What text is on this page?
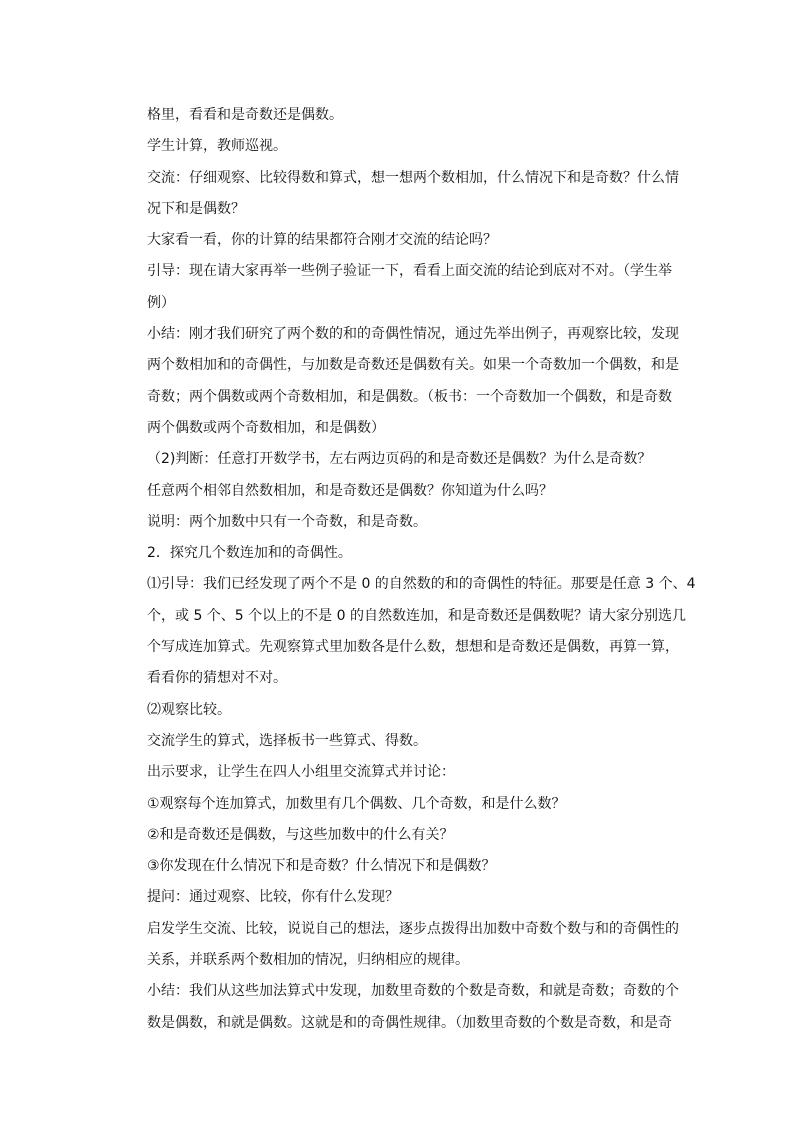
格里，看看和是奇数还是偶数。
学生计算，教师巡视。
交流：仔细观察、比较得数和算式，想一想两个数相加，什么情况下和是奇数？什么情
况下和是偶数？
大家看一看，你的计算的结果都符合刚才交流的结论吗？
引导：现在请大家再举一些例子验证一下，看看上面交流的结论到底对不对。（学生举
例）
小结：刚才我们研究了两个数的和的奇偶性情况，通过先举出例子，再观察比较，发现
两个数相加和的奇偶性，与加数是奇数还是偶数有关。如果一个奇数加一个偶数，和是
奇数；两个偶数或两个奇数相加，和是偶数。（板书：一个奇数加一个偶数，和是奇数
两个偶数或两个奇数相加，和是偶数）
（2)判断：任意打开数学书，左右两边页码的和是奇数还是偶数？为什么是奇数？
任意两个相邻自然数相加，和是奇数还是偶数？你知道为什么吗？
说明：两个加数中只有一个奇数，和是奇数。
2．探究几个数连加和的奇偶性。
⑴引导：我们已经发现了两个不是 0 的自然数的和的奇偶性的特征。那要是任意 3 个、4
个，或 5 个、5 个以上的不是 0 的自然数连加，和是奇数还是偶数呢？请大家分别选几
个写成连加算式。先观察算式里加数各是什么数，想想和是奇数还是偶数，再算一算，
看看你的猜想对不对。
⑵观察比较。
交流学生的算式，选择板书一些算式、得数。
出示要求，让学生在四人小组里交流算式并讨论：
①观察每个连加算式，加数里有几个偶数、几个奇数，和是什么数？
②和是奇数还是偶数，与这些加数中的什么有关？
③你发现在什么情况下和是奇数？什么情况下和是偶数？
提问：通过观察、比较，你有什么发现？
启发学生交流、比较，说说自己的想法，逐步点拨得出加数中奇数个数与和的奇偶性的
关系，并联系两个数相加的情况，归纳相应的规律。
小结：我们从这些加法算式中发现，加数里奇数的个数是奇数，和就是奇数；奇数的个
数是偶数，和就是偶数。这就是和的奇偶性规律。（加数里奇数的个数是奇数，和是奇
